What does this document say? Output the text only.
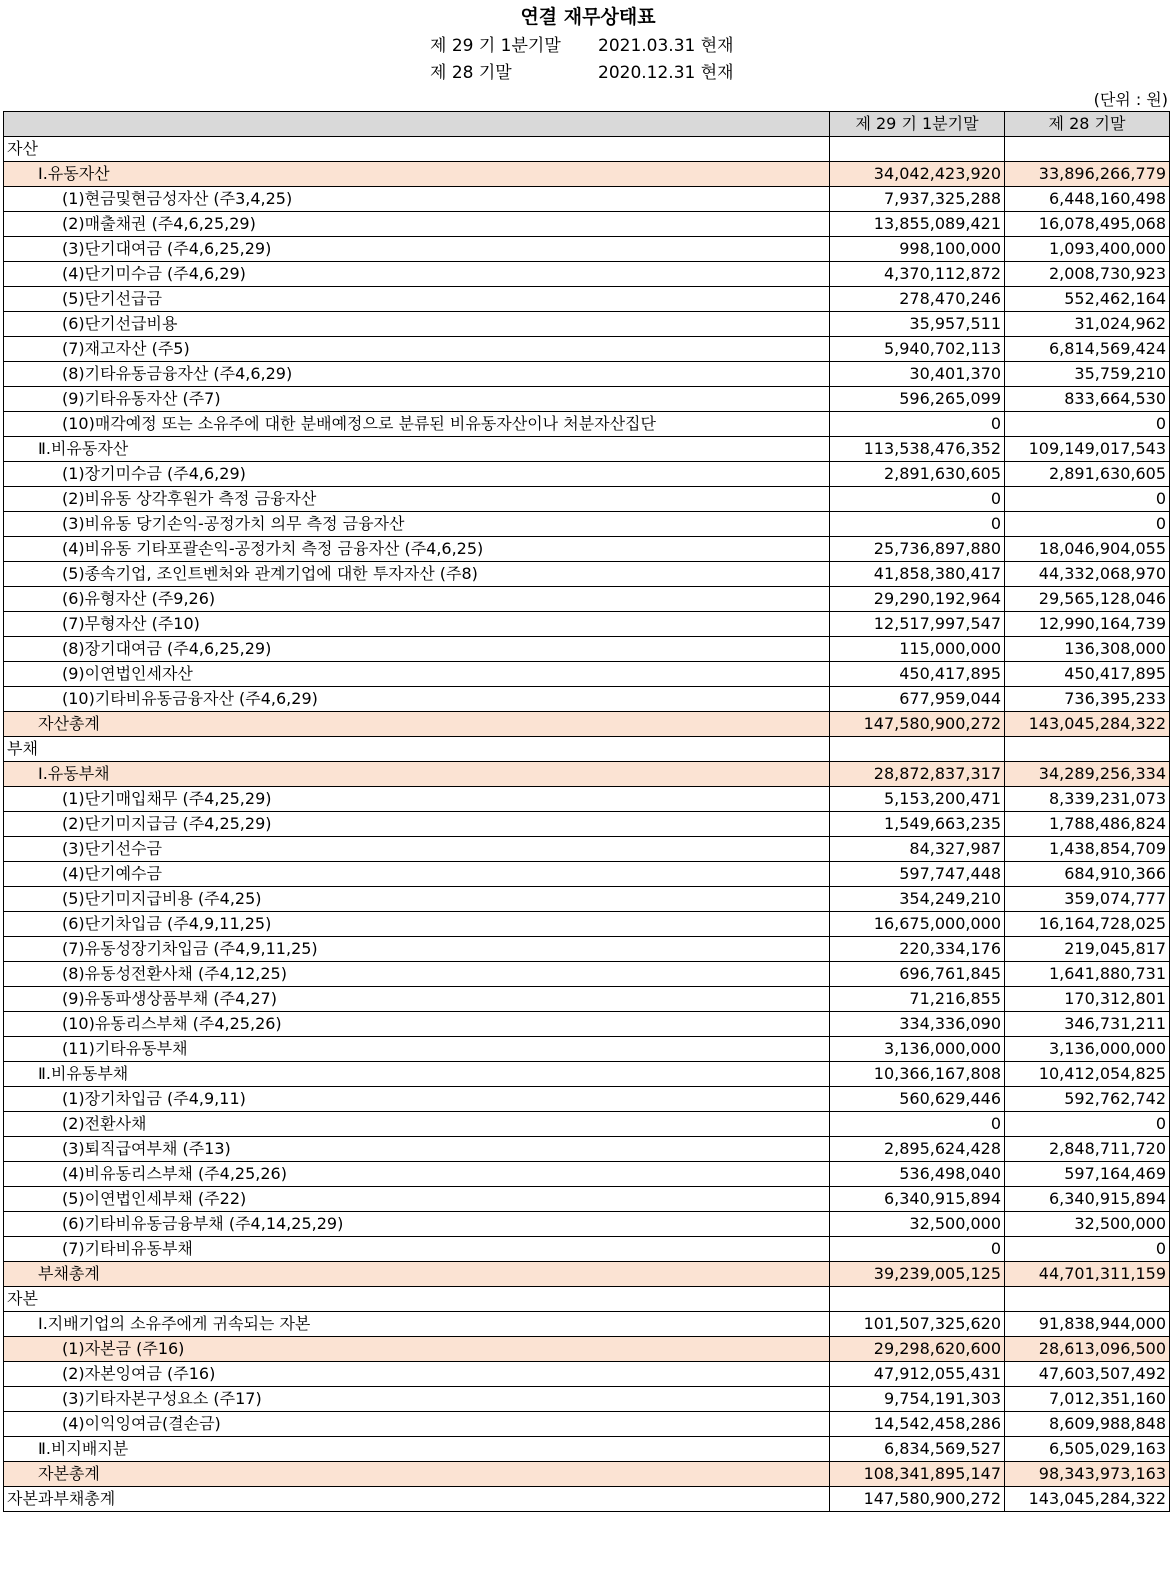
연결 재무상태표
제 29 기 1분기말 2021.03.31 현재
제 28 기말	2020.12.31 현재
(단위 : 원)
	제 29 기 1분기말	제 28 기말
자산		
Ⅰ.유동자산	34,042,423,920	33,896,266,779
(1)현금및현금성자산 (주3,4,25)	7,937,325,288	6,448,160,498
(2)매출채권 (주4,6,25,29)	13,855,089,421	16,078,495,068
(3)단기대여금 (주4,6,25,29)	998,100,000	1,093,400,000
(4)단기미수금 (주4,6,29)	4,370,112,872	2,008,730,923
(5)단기선급금	278,470,246	552,462,164
(6)단기선급비용	35,957,511	31,024,962
(7)재고자산 (주5)	5,940,702,113	6,814,569,424
(8)기타유동금융자산 (주4,6,29)	30,401,370	35,759,210
(9)기타유동자산 (주7)	596,265,099	833,664,530
(10)매각예정 또는 소유주에 대한 분배예정으로 분류된 비유동자산이나 처분자산집단	0	0
Ⅱ.비유동자산	113,538,476,352	109,149,017,543
(1)장기미수금 (주4,6,29)	2,891,630,605	2,891,630,605
(2)비유동 상각후원가 측정 금융자산	0	0
(3)비유동 당기손익-공정가치 의무 측정 금융자산	0	0
(4)비유동 기타포괄손익-공정가치 측정 금융자산 (주4,6,25)	25,736,897,880	18,046,904,055
(5)종속기업, 조인트벤처와 관계기업에 대한 투자자산 (주8)	41,858,380,417	44,332,068,970
(6)유형자산 (주9,26)	29,290,192,964	29,565,128,046
(7)무형자산 (주10)	12,517,997,547	12,990,164,739
(8)장기대여금 (주4,6,25,29)	115,000,000	136,308,000
(9)이연법인세자산	450,417,895	450,417,895
(10)기타비유동금융자산 (주4,6,29)	677,959,044	736,395,233
자산총계	147,580,900,272	143,045,284,322
부채		
Ⅰ.유동부채	28,872,837,317	34,289,256,334
(1)단기매입채무 (주4,25,29)	5,153,200,471	8,339,231,073
(2)단기미지급금 (주4,25,29)	1,549,663,235	1,788,486,824
(3)단기선수금	84,327,987	1,438,854,709
(4)단기예수금	597,747,448	684,910,366
(5)단기미지급비용 (주4,25)	354,249,210	359,074,777
(6)단기차입금 (주4,9,11,25)	16,675,000,000	16,164,728,025
(7)유동성장기차입금 (주4,9,11,25)	220,334,176	219,045,817
(8)유동성전환사채 (주4,12,25)	696,761,845	1,641,880,731
(9)유동파생상품부채 (주4,27)	71,216,855	170,312,801
(10)유동리스부채 (주4,25,26)	334,336,090	346,731,211
(11)기타유동부채	3,136,000,000	3,136,000,000
Ⅱ.비유동부채	10,366,167,808	10,412,054,825
(1)장기차입금 (주4,9,11)	560,629,446	592,762,742
(2)전환사채	0	0
(3)퇴직급여부채 (주13)	2,895,624,428	2,848,711,720
(4)비유동리스부채 (주4,25,26)	536,498,040	597,164,469
(5)이연법인세부채 (주22)	6,340,915,894	6,340,915,894
(6)기타비유동금융부채 (주4,14,25,29)	32,500,000	32,500,000
(7)기타비유동부채	0	0
부채총계	39,239,005,125	44,701,311,159
자본		
Ⅰ.지배기업의 소유주에게 귀속되는 자본	101,507,325,620	91,838,944,000
(1)자본금 (주16)	29,298,620,600	28,613,096,500
(2)자본잉여금 (주16)	47,912,055,431	47,603,507,492
(3)기타자본구성요소 (주17)	9,754,191,303	7,012,351,160
(4)이익잉여금(결손금)	14,542,458,286	8,609,988,848
Ⅱ.비지배지분	6,834,569,527	6,505,029,163
자본총계	108,341,895,147	98,343,973,163
자본과부채총계	147,580,900,272	143,045,284,322
